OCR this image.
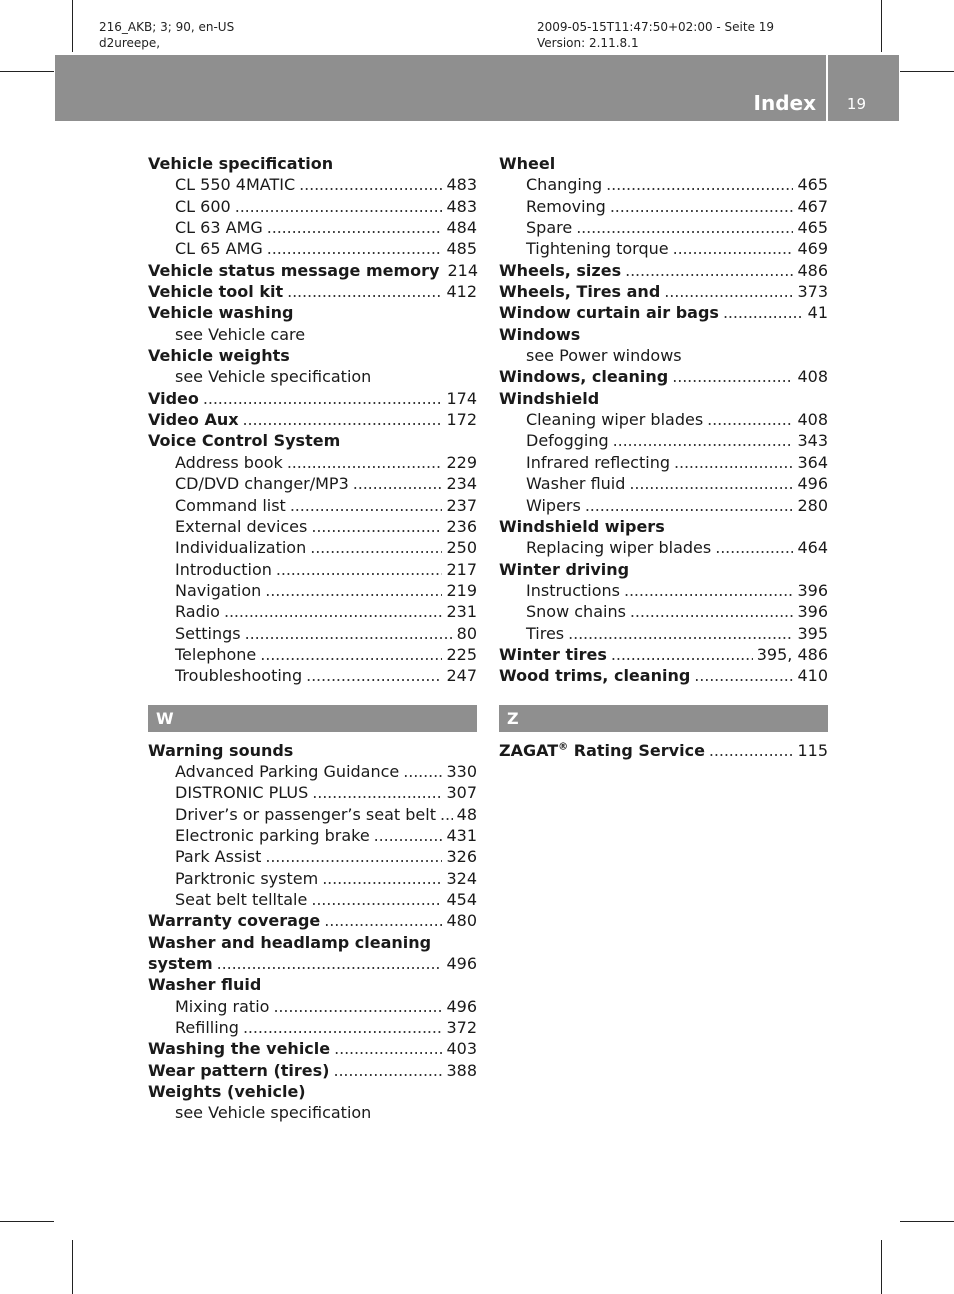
216_AKB; 3; 90, en-US
d2ureepe,
2009-05-15T11:47:50+02:00 - Seite 19
Version: 2.11.8.1
Index 19
Vehicle specification
CL 550 4MATIC . . .	483
CL 600 . . .	483
CL 63 AMG . . .	484
CL 65 AMG . . .	485
Vehicle status message memory 214
Vehicle tool kit . . .	412
Vehicle washing
see Vehicle care
Vehicle weights
see Vehicle specification
Video . . .	174
Video Aux . . .	172
Voice Control System
Address book . . .	229
CD/DVD changer/MP3 . . .	234
Command list . . .	237
External devices . . .	236
Individualization . . .	250
Introduction . . .	217
Navigation . . .	219
Radio . . .	231
Settings . . .	80
Telephone . . .	225
Troubleshooting . . .	247
W
Warning sounds
Advanced Parking Guidance . . .	330
DISTRONIC PLUS . . .	307
Driver’s or passenger’s seat belt . . . 48
Electronic parking brake . . .	431
Park Assist . . .	326
Parktronic system . . .	324
Seat belt telltale . . .	454
Warranty coverage . . .	480
Washer and headlamp cleaning
system . . .	496
Washer fluid
Mixing ratio . . .	496
Refilling . . .	372
Washing the vehicle . . .	403
Wear pattern (tires) . . .	388
Weights (vehicle)
see Vehicle specification
Wheel
Changing . . .	465
Removing . . .	467
Spare . . .	465
Tightening torque . . .	469
Wheels, sizes . . .	486
Wheels, Tires and . . .	373
Window curtain air bags . . .	41
Windows
see Power windows
Windows, cleaning . . .	408
Windshield
Cleaning wiper blades . . .	408
Defogging . . .	343
Infrared reflecting . . .	364
Washer fluid . . .	496
Wipers . . .	280
Windshield wipers
Replacing wiper blades . . .	464
Winter driving
Instructions . . .	396
Snow chains . . .	396
Tires . . .	395
Winter tires . . .	395, 486
Wood trims, cleaning . . .	410
Z
ZAGAT® Rating Service . . .	115
